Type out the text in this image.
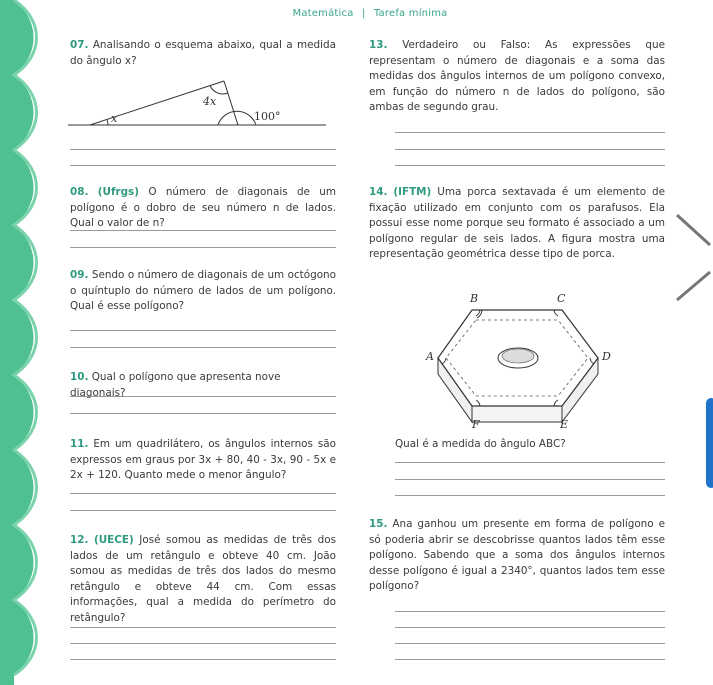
Matemática | Tarefa mínima
07. Analisando o esquema abaixo, qual a medida do ângulo x?
x
4x
100°
08. (Ufrgs) O número de diagonais de um polígono é o dobro de seu número n de lados. Qual o valor de n?
09. Sendo o número de diagonais de um octógono o quíntuplo do número de lados de um polígono. Qual é esse polígono?
10. Qual o polígono que apresenta nove diagonais?
11. Em um quadrilátero, os ângulos internos são expressos em graus por 3x + 80, 40 - 3x, 90 - 5x e 2x + 120. Quanto mede o menor ângulo?
12. (UECE) José somou as medidas de três dos lados de um retângulo e obteve 40 cm. João somou as medidas de três dos lados do mesmo retângulo e obteve 44 cm. Com essas informações, qual a medida do perímetro do retângulo?
13. Verdadeiro ou Falso: As expressões que representam o número de diagonais e a soma das medidas dos ângulos internos de um polígono convexo, em função do número n de lados do polígono, são ambas de segundo grau.
14. (IFTM) Uma porca sextavada é um elemento de fixação utilizado em conjunto com os parafusos. Ela possui esse nome porque seu formato é associado a um polígono regular de seis lados. A figura mostra uma representação geométrica desse tipo de porca.
B	C
A	D
F	E
Qual é a medida do ângulo ABC?
15. Ana ganhou um presente em forma de polígono e só poderia abrir se descobrisse quantos lados têm esse polígono. Sabendo que a soma dos ângulos internos desse polígono é igual a 2340°, quantos lados tem esse polígono?
